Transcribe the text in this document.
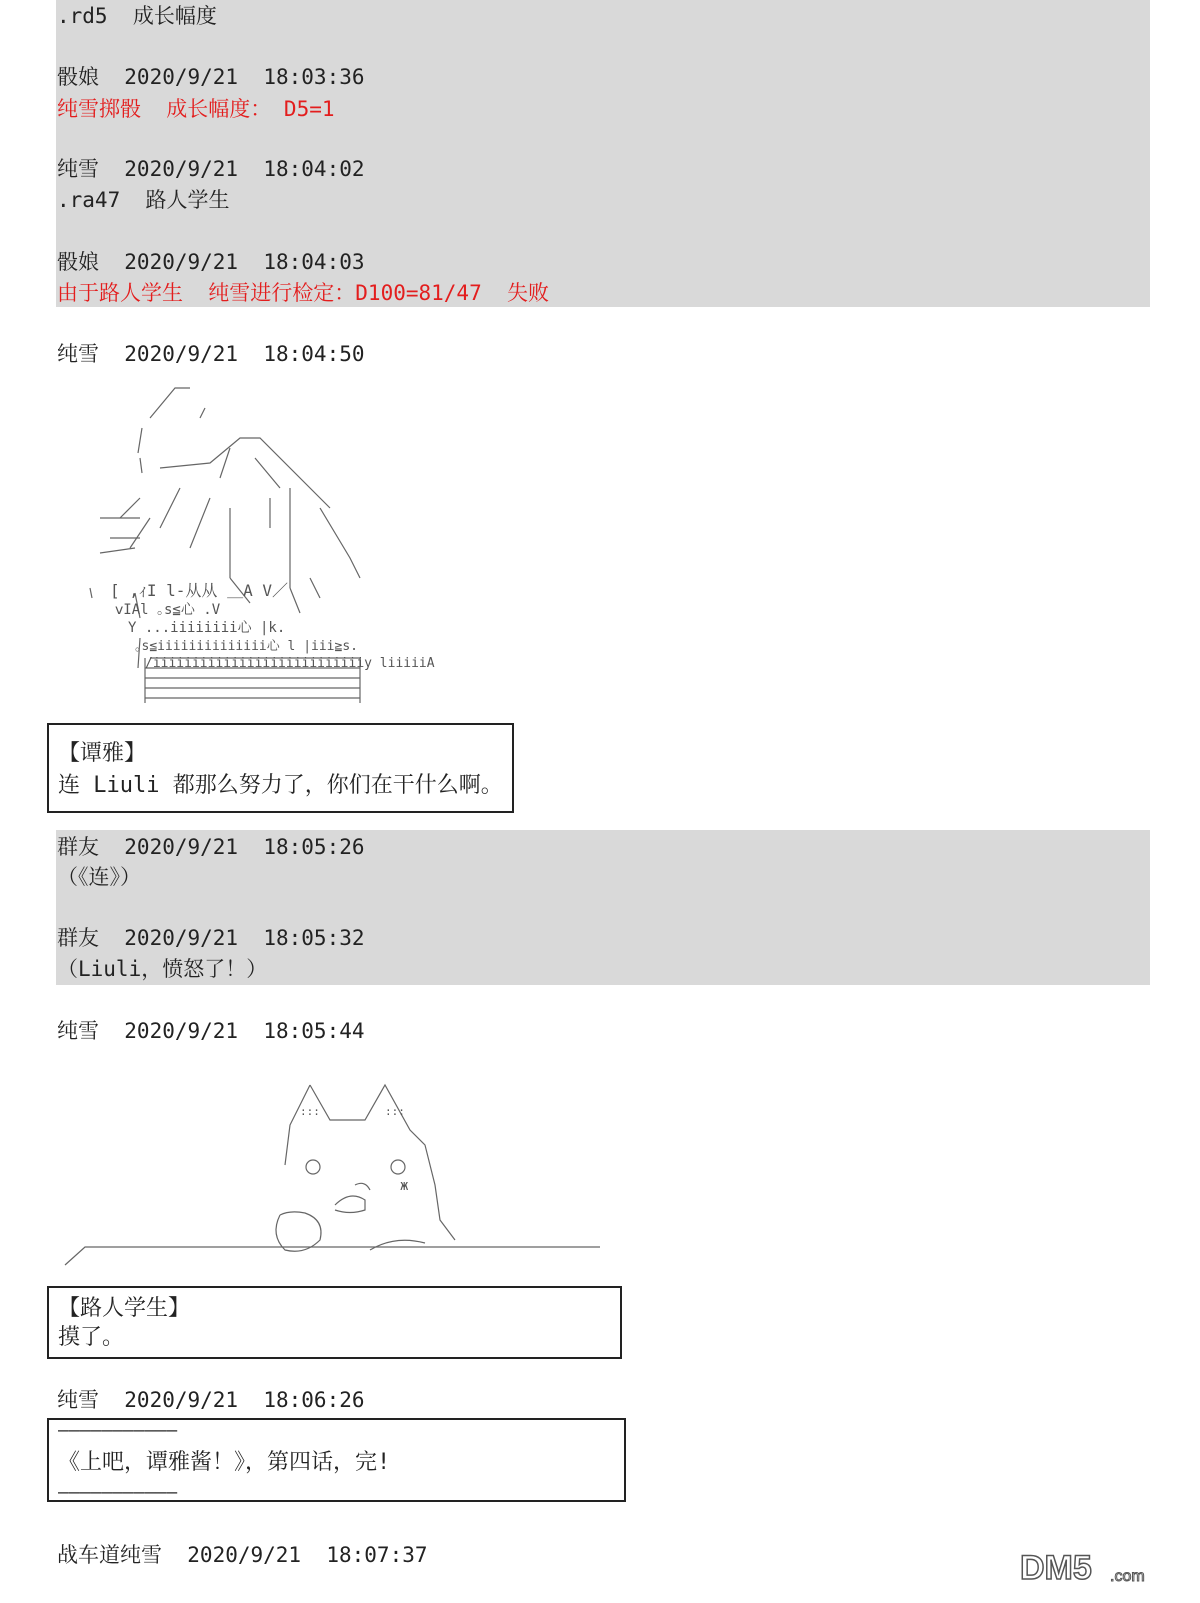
.rd5  成长幅度
骰娘  2020/9/21  18:03:36
纯雪掷骰  成长幅度： D5=1
纯雪  2020/9/21  18:04:02
.ra47  路人学生
骰娘  2020/9/21  18:04:03
由于路人学生  纯雪进行检定：D100=81/47  失败
纯雪  2020/9/21  18:04:50
[ ,ｨI l‐从从 ＿A V／
ⅴIAl ｡s≦心 .V
Y ...iiiiiiii心 |k.
｡s≦iiiiiiiiiiiiii心 l |iii≧s.
/iiiiiiiiiiiiiiiiiiiiiiiiiiiy liiiiiA
【谭雅】
连 Liuli 都那么努力了，你们在干什么啊。
群友  2020/9/21  18:05:26
（《连》）
群友  2020/9/21  18:05:32
（Liuli，愤怒了！）
纯雪  2020/9/21  18:05:44
ж
:::	:::
【路人学生】
摸了。
纯雪  2020/9/21  18:06:26
———————————
《上吧，谭雅酱！》，第四话，完!
———————————
战车道纯雪  2020/9/21  18:07:37	DM5 .com
